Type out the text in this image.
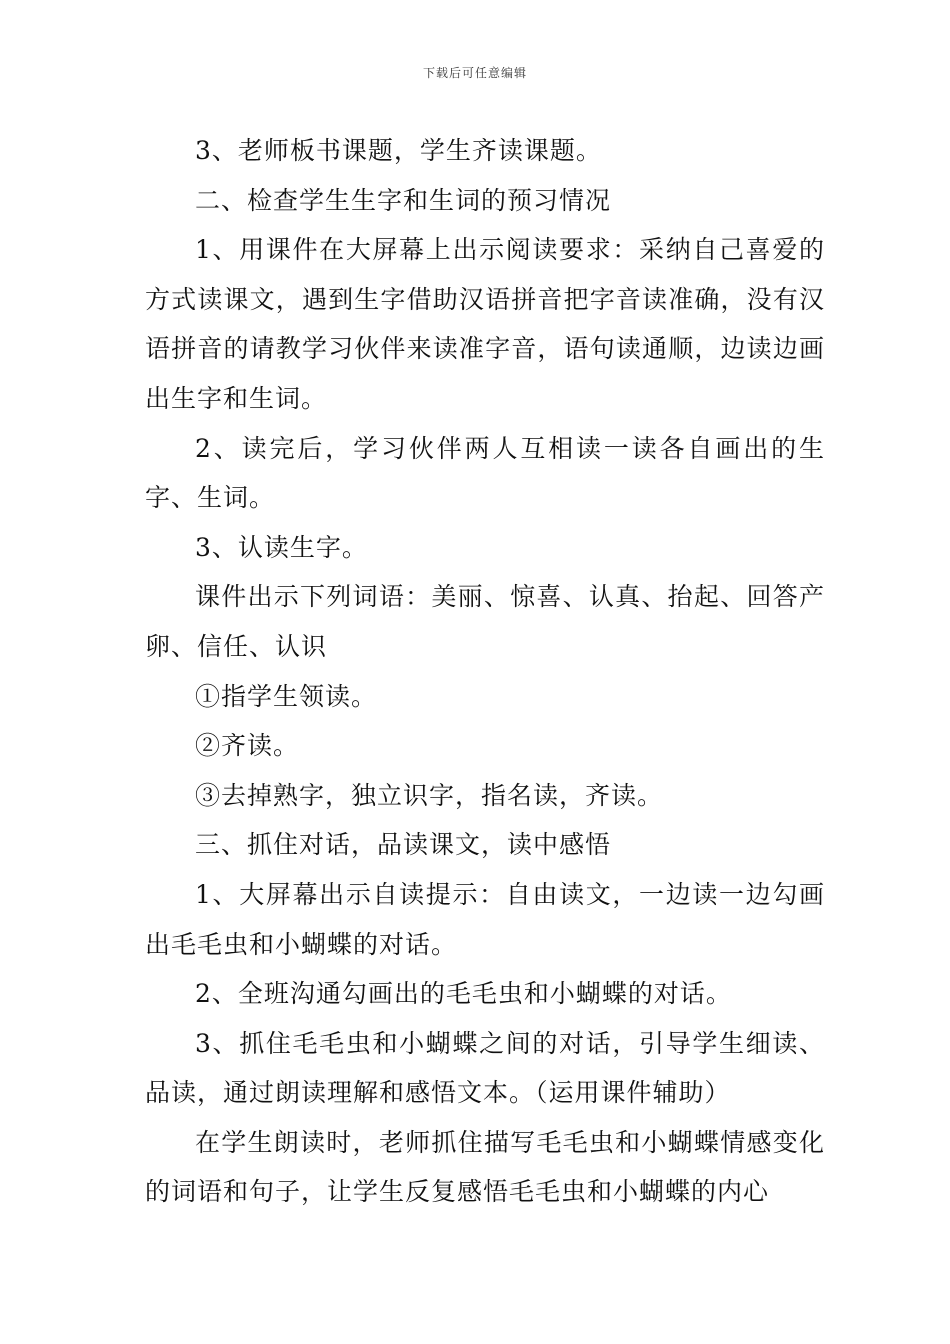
下载后可任意编辑

3、老师板书课题，学生齐读课题。

二、检查学生生字和生词的预习情况

1、用课件在大屏幕上出示阅读要求：采纳自己喜爱的方式读课文，遇到生字借助汉语拼音把字音读准确，没有汉语拼音的请教学习伙伴来读准字音，语句读通顺，边读边画出生字和生词。

2、读完后，学习伙伴两人互相读一读各自画出的生字、生词。

3、认读生字。

课件出示下列词语：美丽、惊喜、认真、抬起、回答产卵、信任、认识

①指学生领读。

②齐读。

③去掉熟字，独立识字，指名读，齐读。

三、抓住对话，品读课文，读中感悟

1、大屏幕出示自读提示：自由读文，一边读一边勾画出毛毛虫和小蝴蝶的对话。

2、全班沟通勾画出的毛毛虫和小蝴蝶的对话。

3、抓住毛毛虫和小蝴蝶之间的对话，引导学生细读、品读，通过朗读理解和感悟文本。（运用课件辅助）

在学生朗读时，老师抓住描写毛毛虫和小蝴蝶情感变化的词语和句子，让学生反复感悟毛毛虫和小蝴蝶的内心
